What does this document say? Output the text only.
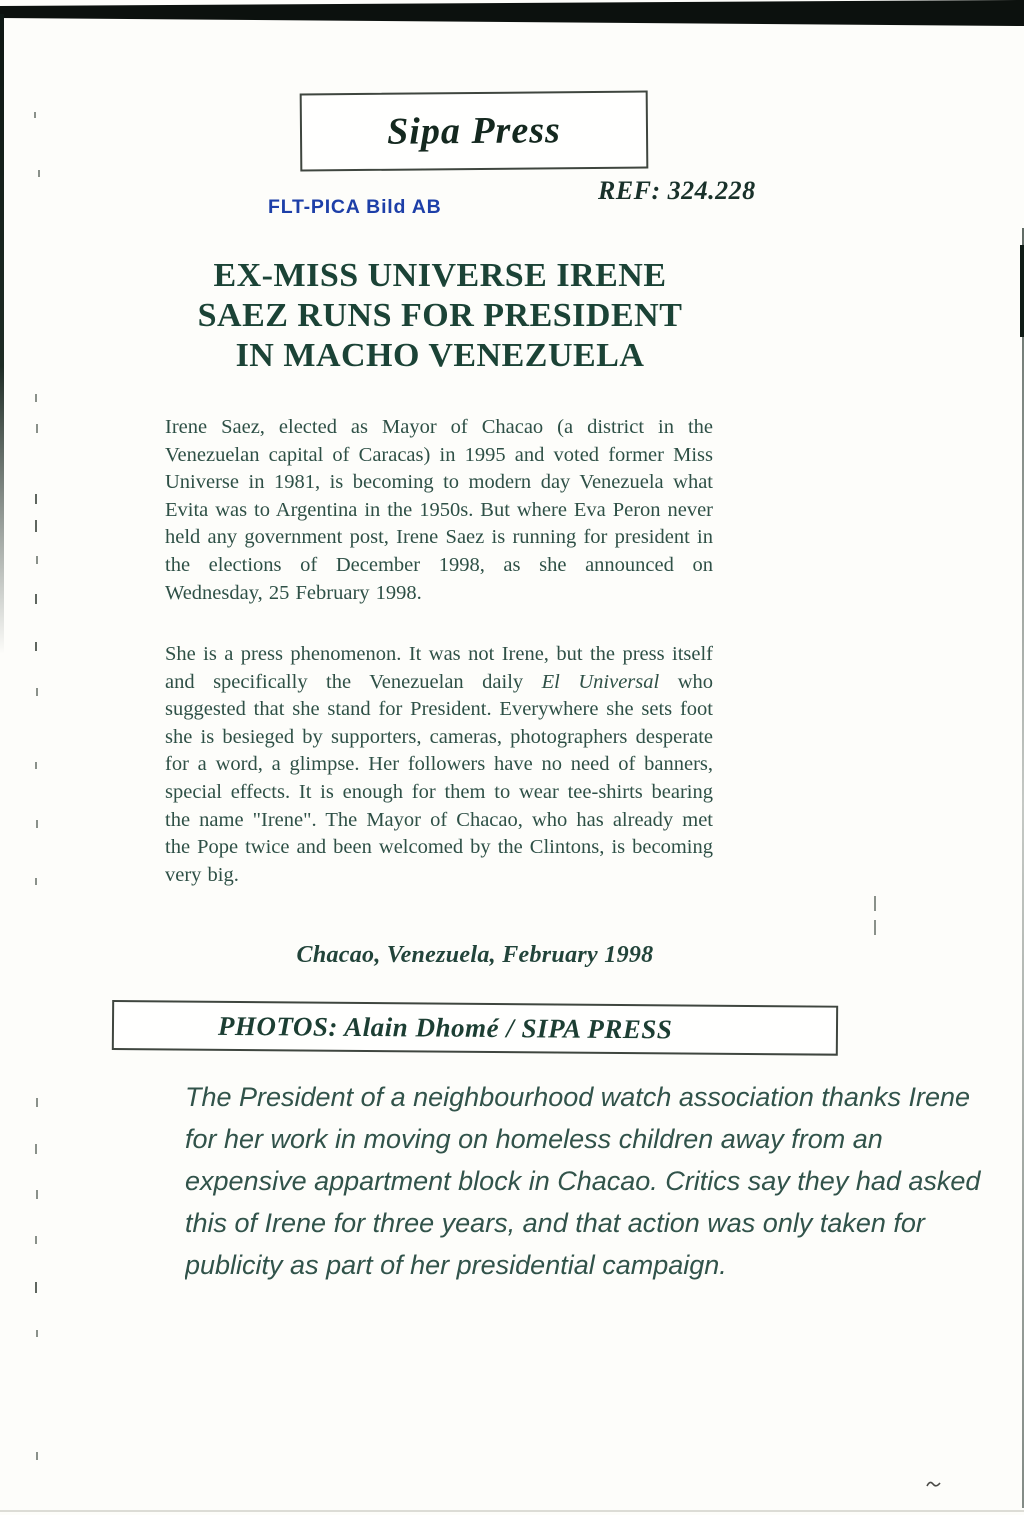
Sipa Press
FLT-PICA Bild AB
REF: 324.228
EX-MISS UNIVERSE IRENE
SAEZ RUNS FOR PRESIDENT
IN MACHO VENEZUELA
Irene Saez, elected as Mayor of Chacao (a district in the Venezuelan capital of Caracas) in 1995 and voted former Miss Universe in 1981, is becoming to modern day Venezuela what Evita was to Argentina in the 1950s. But where Eva Peron never held any government post, Irene Saez is running for president in the elections of December 1998, as she announced on Wednesday, 25 February 1998.
She is a press phenomenon. It was not Irene, but the press itself and specifically the Venezuelan daily El Universal who suggested that she stand for President. Everywhere she sets foot she is besieged by supporters, cameras, photographers desperate for a word, a glimpse. Her followers have no need of banners, special effects. It is enough for them to wear tee-shirts bearing the name "Irene". The Mayor of Chacao, who has already met the Pope twice and been welcomed by the Clintons, is becoming very big.
Chacao, Venezuela, February 1998
PHOTOS: Alain Dhomé / SIPA PRESS
The President of a neighbourhood watch association thanks Irene
for her work in moving on homeless children away from an
expensive appartment block in Chacao. Critics say they had asked
this of Irene for three years, and that action was only taken for
publicity as part of her presidential campaign.
